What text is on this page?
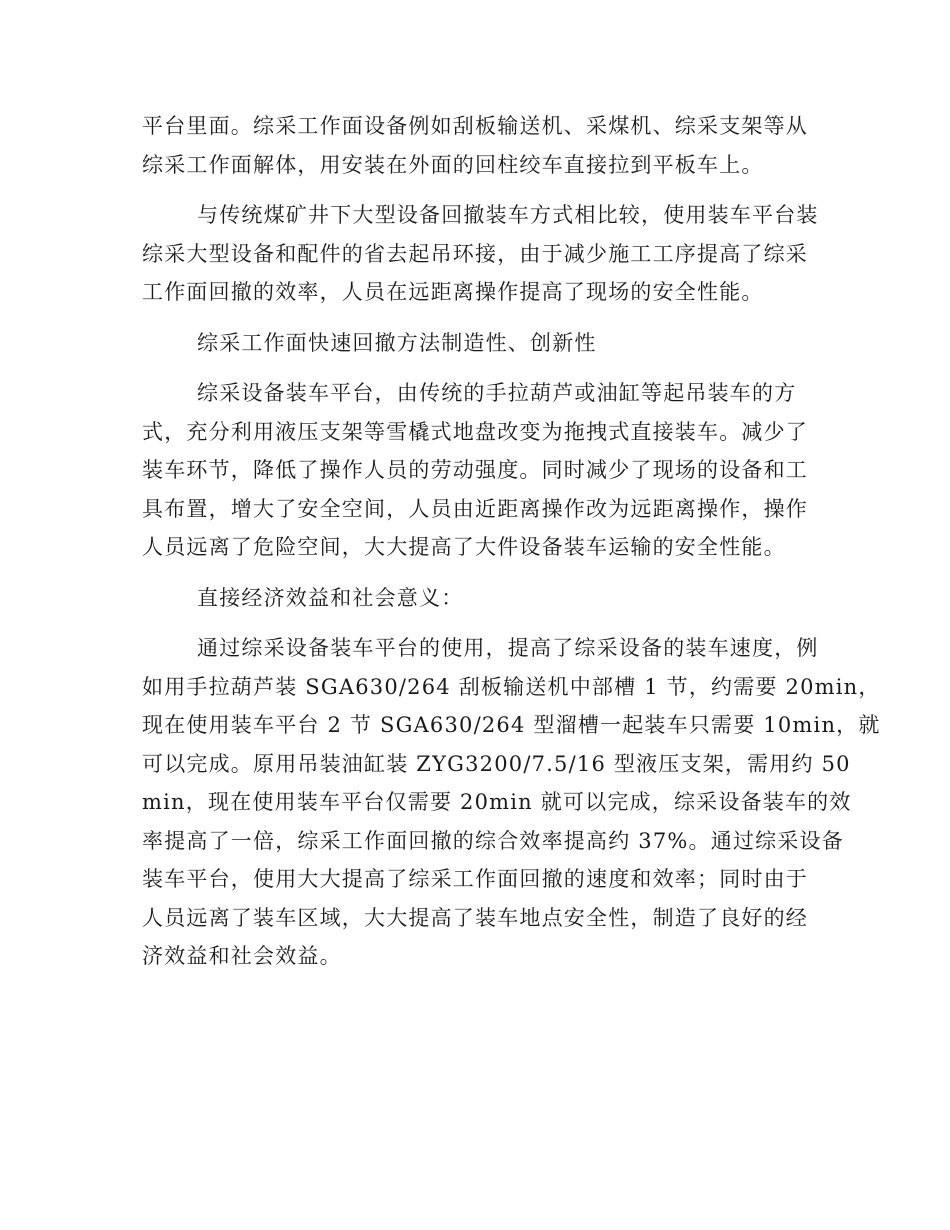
平台里面。综采工作面设备例如刮板输送机、采煤机、综采支架等从
综采工作面解体，用安装在外面的回柱绞车直接拉到平板车上。
与传统煤矿井下大型设备回撤装车方式相比较，使用装车平台装
综采大型设备和配件的省去起吊环接，由于减少施工工序提高了综采
工作面回撤的效率，人员在远距离操作提高了现场的安全性能。
综采工作面快速回撤方法制造性、创新性
综采设备装车平台，由传统的手拉葫芦或油缸等起吊装车的方
式，充分利用液压支架等雪橇式地盘改变为拖拽式直接装车。减少了
装车环节，降低了操作人员的劳动强度。同时减少了现场的设备和工
具布置，增大了安全空间，人员由近距离操作改为远距离操作，操作
人员远离了危险空间，大大提高了大件设备装车运输的安全性能。
直接经济效益和社会意义：
通过综采设备装车平台的使用，提高了综采设备的装车速度，例
如用手拉葫芦装 SGA630/264 刮板输送机中部槽 1 节，约需要 20min，
现在使用装车平台 2 节 SGA630/264 型溜槽一起装车只需要 10min，就
可以完成。原用吊装油缸装 ZYG3200/7.5/16 型液压支架，需用约 50
min，现在使用装车平台仅需要 20min 就可以完成，综采设备装车的效
率提高了一倍，综采工作面回撤的综合效率提高约 37%。通过综采设备
装车平台，使用大大提高了综采工作面回撤的速度和效率；同时由于
人员远离了装车区域，大大提高了装车地点安全性，制造了良好的经
济效益和社会效益。
